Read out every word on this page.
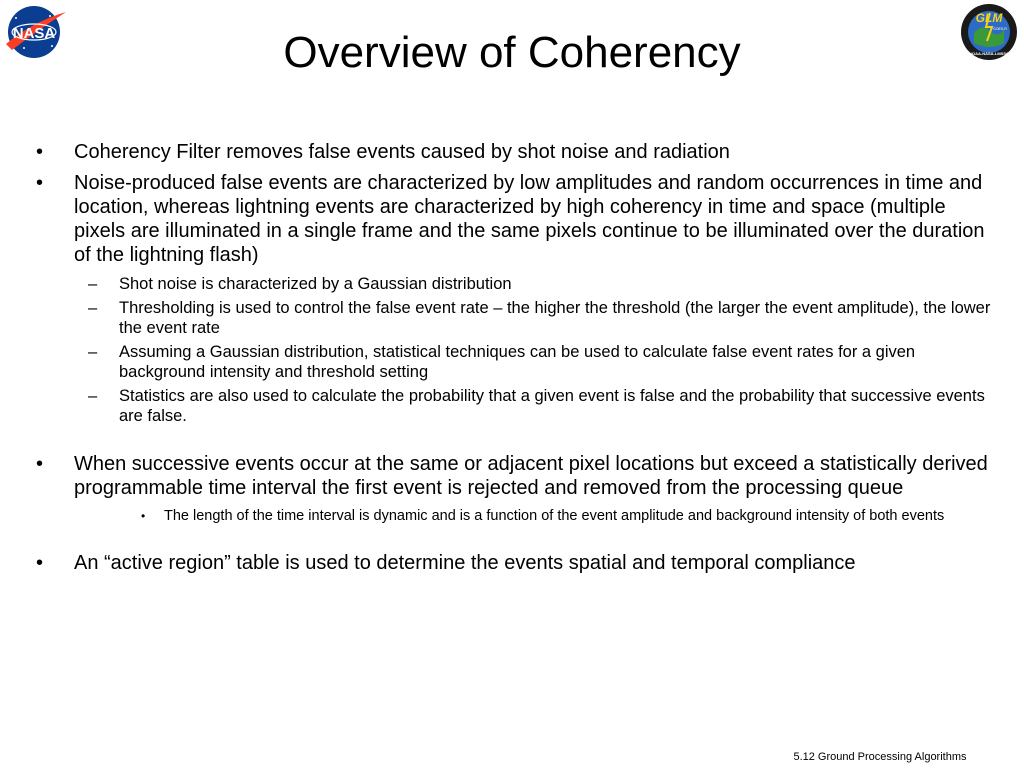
NASA
GLM
GOES-R
NOAA-NASA-LMSSC
Overview of Coherency
•	Coherency Filter removes false events caused by shot noise and radiation
•	Noise-produced false events are characterized by low amplitudes and random occurrences in time and location, whereas lightning events are characterized by high coherency in time and space (multiple pixels are illuminated in a single frame and the same pixels continue to be illuminated over the duration of the lightning flash)
– Shot noise is characterized by a Gaussian distribution
– Thresholding is used to control the false event rate – the higher the threshold (the larger the event amplitude), the lower the event rate
– Assuming a Gaussian distribution, statistical techniques can be used to calculate false event rates for a given background intensity and threshold setting
– Statistics are also used to calculate the probability that a given event is false and the probability that successive events are false.
•	When successive events occur at the same or adjacent pixel locations but exceed a statistically derived programmable time interval the first event is rejected and removed from the processing queue
• The length of the time interval is dynamic and is a function of the event amplitude and background intensity of both events
•	An “active region” table is used to determine the events spatial and temporal compliance
5.12 Ground Processing Algorithms
